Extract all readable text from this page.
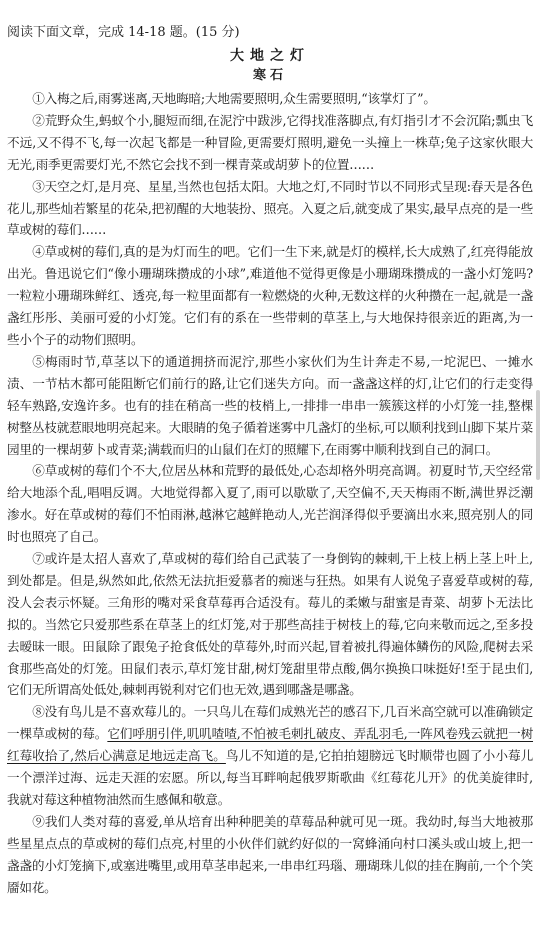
阅读下面文章，完成 14-18 题。(15 分)

大地之灯

寒石

①入梅之后,雨雾迷离,天地晦暗;大地需要照明,众生需要照明,“该掌灯了”。

②荒野众生,蚂蚁个小,腿短而细,在泥泞中跋涉,它得找准落脚点,有灯指引才不会沉陷;瓢虫飞不远,又不得不飞,每一次起飞都是一种冒险,更需要灯照明,避免一头撞上一株草;兔子这家伙眼大无光,雨季更需要灯光,不然它会找不到一棵青菜或胡萝卜的位置……

③天空之灯,是月亮、星星,当然也包括太阳。大地之灯,不同时节以不同形式呈现:春天是各色花儿,那些灿若繁星的花朵,把初醒的大地装扮、照亮。入夏之后,就变成了果实,最早点亮的是一些草或树的莓们……

④草或树的莓们,真的是为灯而生的吧。它们一生下来,就是灯的模样,长大成熟了,红亮得能放出光。鲁迅说它们“像小珊瑚珠攒成的小球”,难道他不觉得更像是小珊瑚珠攒成的一盏小灯笼吗?一粒粒小珊瑚珠鲜红、透亮,每一粒里面都有一粒燃烧的火种,无数这样的火种攒在一起,就是一盏盏红彤彤、美丽可爱的小灯笼。它们有的系在一些带刺的草茎上,与大地保持很亲近的距离,为一些小个子的动物们照明。

⑤梅雨时节,草茎以下的通道拥挤而泥泞,那些小家伙们为生计奔走不易,一坨泥巴、一摊水渍、一节枯木都可能阻断它们前行的路,让它们迷失方向。而一盏盏这样的灯,让它们的行走变得轻车熟路,安逸许多。也有的挂在稍高一些的枝梢上,一排排一串串一簇簇这样的小灯笼一挂,整棵树整丛枝就惹眼地明亮起来。大眼睛的兔子循着迷雾中几盏灯的坐标,可以顺利找到山脚下某片菜园里的一棵胡萝卜或青菜;满载而归的山鼠们在灯的照耀下,在雨雾中顺利找到自己的洞口。

⑥草或树的莓们个不大,位居丛林和荒野的最低处,心态却格外明亮高调。初夏时节,天空经常给大地添个乱,唱唱反调。大地觉得都入夏了,雨可以歇歇了,天空偏不,天天梅雨不断,满世界泛潮渗水。好在草或树的莓们不怕雨淋,越淋它越鲜艳动人,光芒润泽得似乎要滴出水来,照亮别人的同时也照亮了自己。

⑦或许是太招人喜欢了,草或树的莓们给自己武装了一身倒钩的棘刺,干上枝上柄上茎上叶上,到处都是。但是,纵然如此,依然无法抗拒爱慕者的痴迷与狂热。如果有人说兔子喜爱草或树的莓,没人会表示怀疑。三角形的嘴对采食草莓再合适没有。莓儿的柔嫩与甜蜜是青菜、胡萝卜无法比拟的。当然它只爱那些系在草茎上的红灯笼,对于那些高挂于树枝上的莓,它向来敬而远之,至多投去暧昧一眼。田鼠除了跟兔子抢食低处的草莓外,时而兴起,冒着被扎得遍体鳞伤的风险,爬树去采食那些高处的灯笼。田鼠们表示,草灯笼甘甜,树灯笼甜里带点酸,偶尔换换口味挺好!至于昆虫们,它们无所谓高处低处,棘刺再锐利对它们也无效,遇到哪盏是哪盏。

⑧没有鸟儿是不喜欢莓儿的。一只鸟儿在莓们成熟光芒的感召下,几百米高空就可以准确锁定一棵草或树的莓。它们呼朋引伴,叽叽喳喳,不怕被毛刺扎破皮、弄乱羽毛,一阵风卷残云就把一树红莓收拾了,然后心满意足地远走高飞。鸟儿不知道的是,它拍拍翅膀远飞时顺带也圆了小小莓儿一个漂洋过海、远走天涯的宏愿。所以,每当耳畔响起俄罗斯歌曲《红莓花儿开》的优美旋律时,我就对莓这种植物油然而生感佩和敬意。

⑨我们人类对莓的喜爱,单从培育出种种肥美的草莓品种就可见一斑。我幼时,每当大地被那些星星点点的草或树的莓们点亮,村里的小伙伴们就约好似的一窝蜂涌向村口溪头或山坡上,把一盏盏的小灯笼摘下,或塞进嘴里,或用草茎串起来,一串串红玛瑙、珊瑚珠儿似的挂在胸前,一个个笑靥如花。
